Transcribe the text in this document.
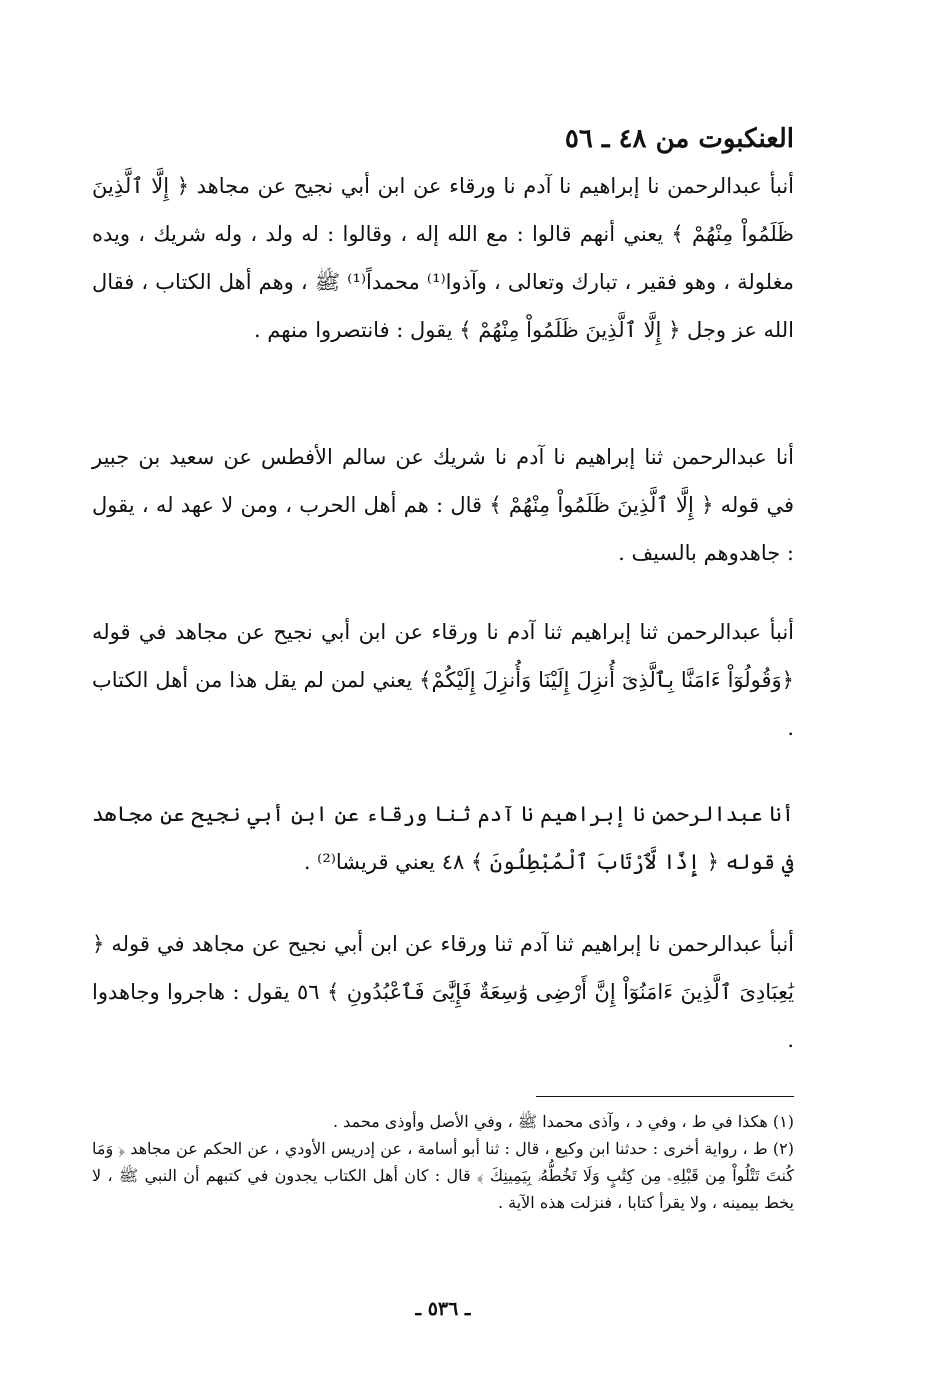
العنكبوت من ٤٨ ـ ٥٦

أنبأ عبدالرحمن نا إبراهيم نا آدم نا ورقاء عن ابن أبي نجيح عن مجاهد ﴿ إِلَّا ٱلَّذِينَ ظَلَمُواْ مِنْهُمْ ﴾ يعني أنهم قالوا : مع الله إله ، وقالوا : له ولد ، وله شريك ، ويده مغلولة ، وهو فقير ، تبارك وتعالى ، وآذوا⁽¹⁾ محمداً⁽¹⁾ ﷺ ، وهم أهل الكتاب ، فقال الله عز وجل ﴿ إِلَّا ٱلَّذِينَ ظَلَمُواْ مِنْهُمْ ﴾ يقول : فانتصروا منهم .

أنا عبدالرحمن ثنا إبراهيم نا آدم نا شريك عن سالم الأفطس عن سعيد بن جبير في قوله ﴿ إِلَّا ٱلَّذِينَ ظَلَمُواْ مِنْهُمْ ﴾ قال : هم أهل الحرب ، ومن لا عهد له ، يقول : جاهدوهم بالسيف .

أنبأ عبدالرحمن ثنا إبراهيم ثنا آدم نا ورقاء عن ابن أبي نجيح عن مجاهد في قوله ﴿وَقُولُوٓاْ ءَامَنَّا بِٱلَّذِىٓ أُنزِلَ إِلَيْنَا وَأُنزِلَ إِلَيْكُمْ﴾ يعني لمن لم يقل هذا من أهل الكتاب .

أنا عبدالرحمن نا إبراهيم نا آدم ثنا ورقاء عن ابن أبي نجيح عن مجاهد في قوله ﴿ إِذًا لَّٱرْتَابَ ٱلْمُبْطِلُونَ ﴾ ٤٨ يعني قريشا⁽²⁾ .

أنبأ عبدالرحمن نا إبراهيم ثنا آدم ثنا ورقاء عن ابن أبي نجيح عن مجاهد في قوله ﴿ يَٰعِبَادِىَ ٱلَّذِينَ ءَامَنُوٓاْ إِنَّ أَرْضِى وَٰسِعَةٌ فَإِيَّٰىَ فَٱعْبُدُونِ ﴾ ٥٦ يقول : هاجروا وجاهدوا .

(١) هكذا في ط ، وفي د ، وآذى محمدا ﷺ ، وفي الأصل وأوذى محمد .

(٢) ط ، رواية أخرى : حدثنا ابن وكيع ، قال : ثنا أبو أسامة ، عن إدريس الأودي ، عن الحكم عن مجاهد ﴿ وَمَا كُنتَ تَتْلُواْ مِن قَبْلِهِۦ مِن كِتَٰبٍ وَلَا تَخُطُّهُۥ بِيَمِينِكَ ﴾ قال : كان أهل الكتاب يجدون في كتبهم أن النبي ﷺ ، لا يخط بيمينه ، ولا يقرأ كتابا ، فنزلت هذه الآية .

ـ ٥٣٦ ـ
